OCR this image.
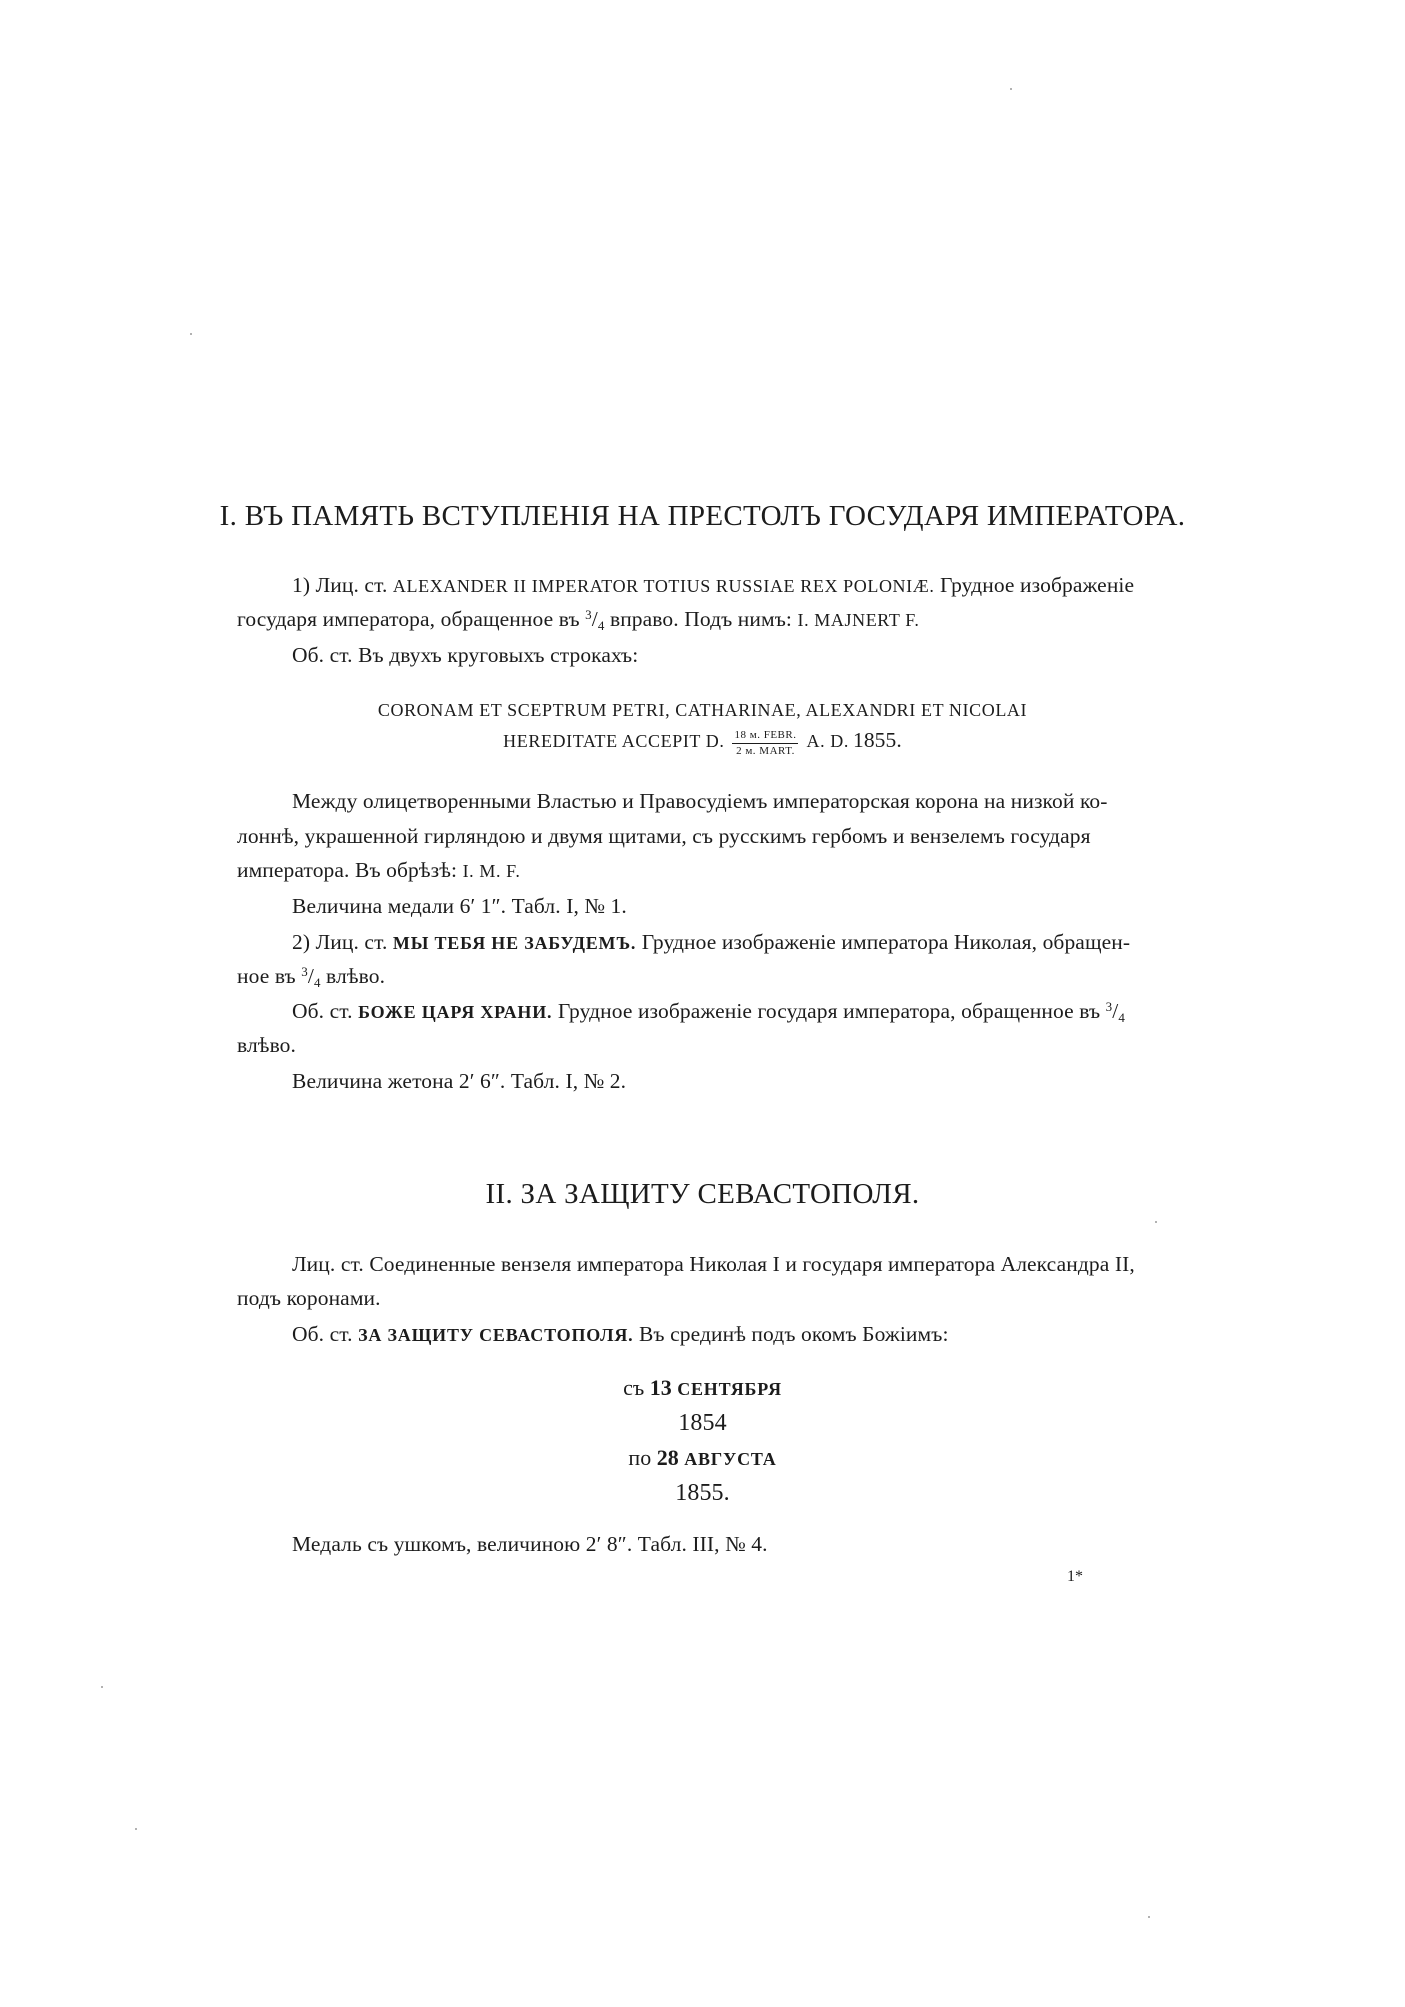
I. ВЪ ПАМЯТЬ ВСТУПЛЕНІЯ НА ПРЕСТОЛЪ ГОСУДАРЯ ИМПЕРАТОРА.
1) Лиц. ст. ALEXANDER II IMPERATOR TOTIUS RUSSIAE REX POLONIÆ. Грудное изображеніе
государя императора, обращенное въ $^3/_4$ вправо. Подъ нимъ: I. MAJNERT F.
Об. ст. Въ двухъ круговыхъ строкахъ:
CORONAM ET SCEPTRUM PETRI, CATHARINAE, ALEXANDRI ET NICOLAI
HEREDITATE ACCEPIT D. $\frac{\text{18 м. FEBR.}}{\text{2 м. MART.}} A$. D. 1855.
Между олицетворенными Властью и Правосудіемъ императорская корона на низкой ко-
лоннѣ, украшенной гирляндою и двумя щитами, съ русскимъ гербомъ и вензелемъ государя
императора. Въ обрѣзѣ: I. M. F.
Величина медали 6′ 1″. Табл. I, № 1.
2) Лиц. ст. МЫ ТЕБЯ НЕ ЗАБУДЕМЪ. Грудное изображеніе императора Николая, обращен-
ное въ $^3/_4$ влѣво.
Об. ст. БОЖЕ ЦАРЯ ХРАНИ. Грудное изображеніе государя императора, обращенное въ $^3/_4$
влѣво.
Величина жетона 2′ 6″. Табл. I, № 2.
II. ЗА ЗАЩИТУ СЕВАСТОПОЛЯ.
Лиц. ст. Соединенные вензеля императора Николая I и государя императора Александра II,
подъ коронами.
Об. ст. ЗА ЗАЩИТУ СЕВАСТОПОЛЯ. Въ срединѣ подъ окомъ Божіимъ:
съ 13 СЕНТЯБРЯ
1854
по 28 АВГУСТА
1855.
Медаль съ ушкомъ, величиною 2′ 8″. Табл. III, № 4.
1*
